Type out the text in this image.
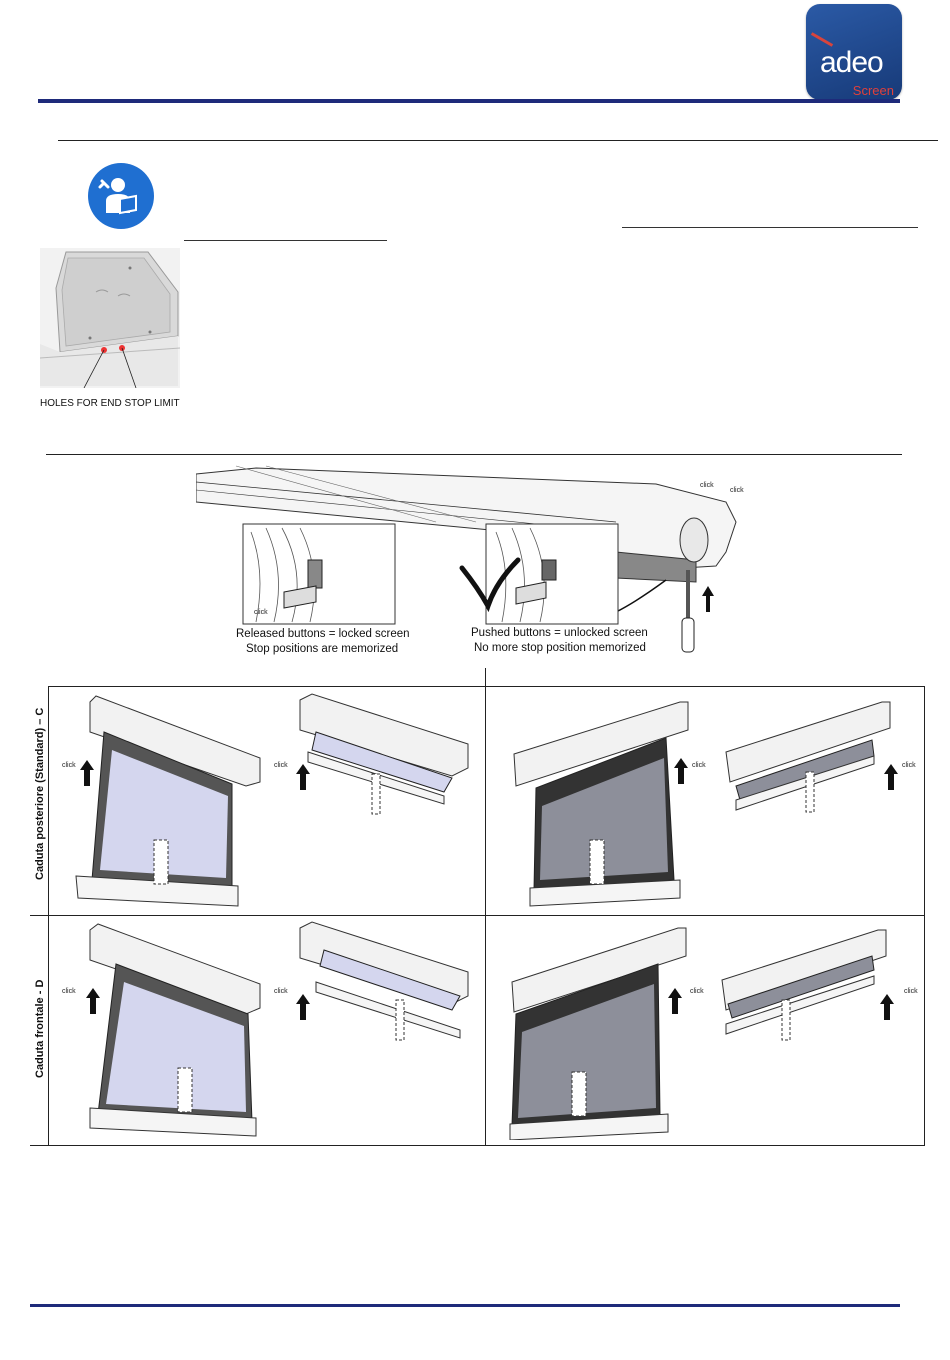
adeo
Screen
HOLES FOR END STOP LIMIT
click
click
click
Released buttons = locked screen
Stop positions are memorized
Pushed buttons = unlocked screen
No more stop position memorized
Caduta posteriore (Standard) – C
Caduta frontale - D
click	click	click	click
click	click	click	click
